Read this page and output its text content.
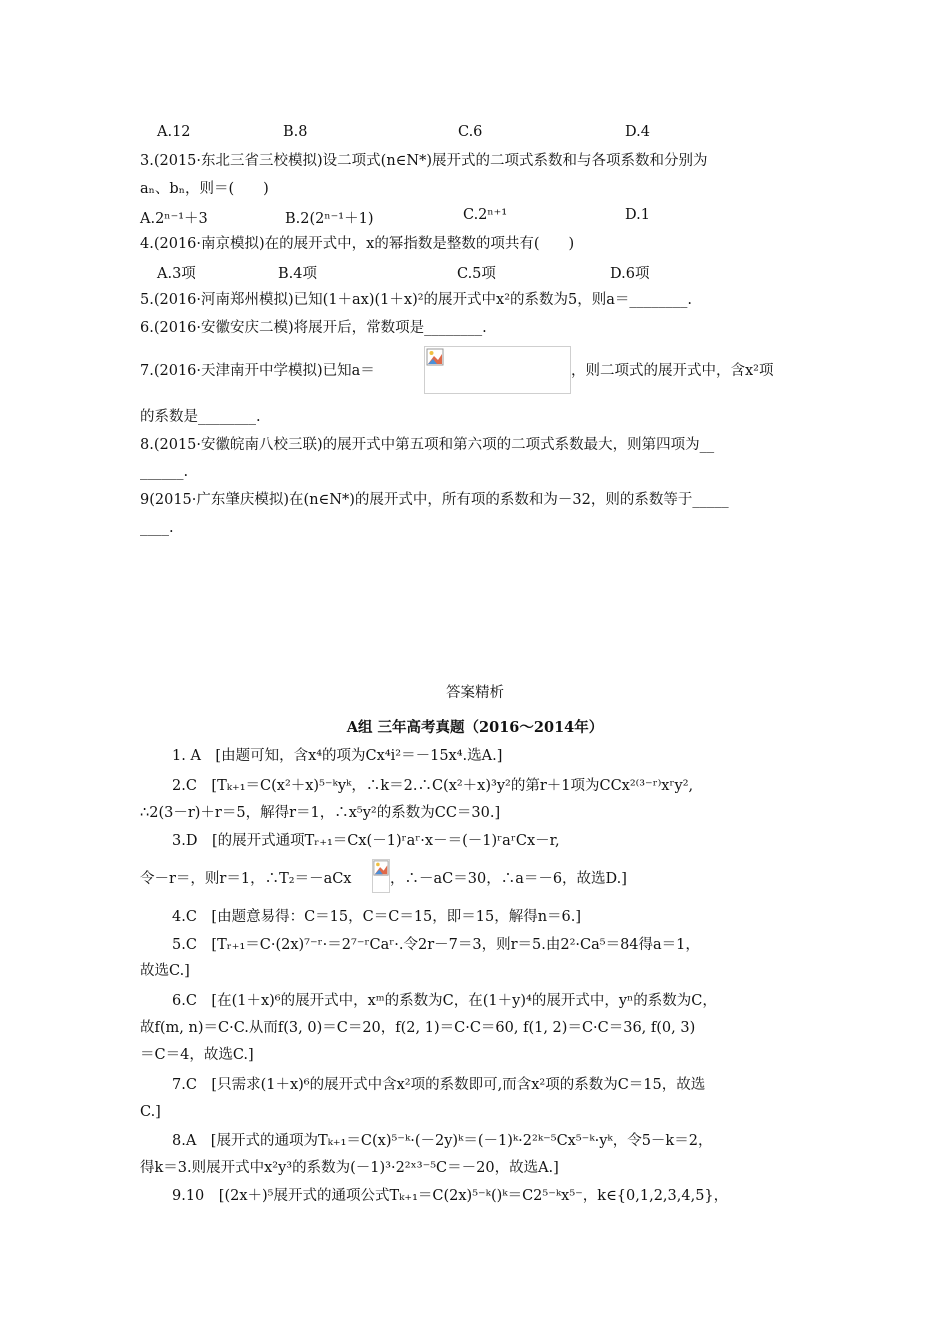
A.12	B.8	C.6	D.4
3.(2015·东北三省三校模拟)设二项式(n∈N*)展开式的二项式系数和与各项系数和分别为
aₙ、bₙ，则＝(　　)
A.2ⁿ⁻¹＋3	B.2(2ⁿ⁻¹＋1)	C.2ⁿ⁺¹	D.1
4.(2016·南京模拟)在的展开式中，x的幂指数是整数的项共有(　　)
A.3项	B.4项	C.5项	D.6项
5.(2016·河南郑州模拟)已知(1＋ax)(1＋x)²的展开式中x²的系数为5，则a＝________.
6.(2016·安徽安庆二模)将展开后，常数项是________.
7.(2016·天津南开中学模拟)已知a＝	，则二项式的展开式中，含x²项
的系数是________.
8.(2015·安徽皖南八校三联)的展开式中第五项和第六项的二项式系数最大，则第四项为__
______.
9(2015·广东肇庆模拟)在(n∈N*)的展开式中，所有项的系数和为－32，则的系数等于_____
____.
答案精析
A组 三年高考真题（2016～2014年）
1. A　[由题可知，含x⁴的项为Cx⁴i²＝－15x⁴.选A.]
2.C　[Tₖ₊₁＝C(x²＋x)⁵⁻ᵏyᵏ，∴k＝2.∴C(x²＋x)³y²的第r＋1项为CCx²⁽³⁻ʳ⁾xʳy²,
∴2(3－r)＋r＝5，解得r＝1，∴x⁵y²的系数为CC＝30.]
3.D　[的展开式通项Tᵣ₊₁＝Cx(－1)ʳaʳ·x－＝(－1)ʳaʳCx－r,
令－r＝，则r＝1，∴T₂＝－aCx	，∴－aC＝30，∴a＝－6，故选D.]
4.C　[由题意易得：C＝15，C＝C＝15，即＝15，解得n＝6.]
5.C　[Tᵣ₊₁＝C·(2x)⁷⁻ʳ·＝2⁷⁻ʳCaʳ·.令2r－7＝3，则r＝5.由2²·Ca⁵＝84得a＝1，
故选C.]
6.C　[在(1＋x)⁶的展开式中，xᵐ的系数为C，在(1＋y)⁴的展开式中，yⁿ的系数为C，
故f(m, n)＝C·C.从而f(3, 0)＝C＝20，f(2, 1)＝C·C＝60, f(1, 2)＝C·C＝36, f(0, 3)
＝C＝4，故选C.]
7.C　[只需求(1＋x)⁶的展开式中含x²项的系数即可,而含x²项的系数为C＝15，故选
C.]
8.A　[展开式的通项为Tₖ₊₁＝C(x)⁵⁻ᵏ·(－2y)ᵏ＝(－1)ᵏ·2²ᵏ⁻⁵Cx⁵⁻ᵏ·yᵏ，令5－k＝2，
得k＝3.则展开式中x²y³的系数为(－1)³·2²ˣ³⁻⁵C＝－20，故选A.]
9.10　[(2x＋)⁵展开式的通项公式Tₖ₊₁＝C(2x)⁵⁻ᵏ()ᵏ＝C2⁵⁻ᵏx⁵⁻，k∈{0,1,2,3,4,5}，
